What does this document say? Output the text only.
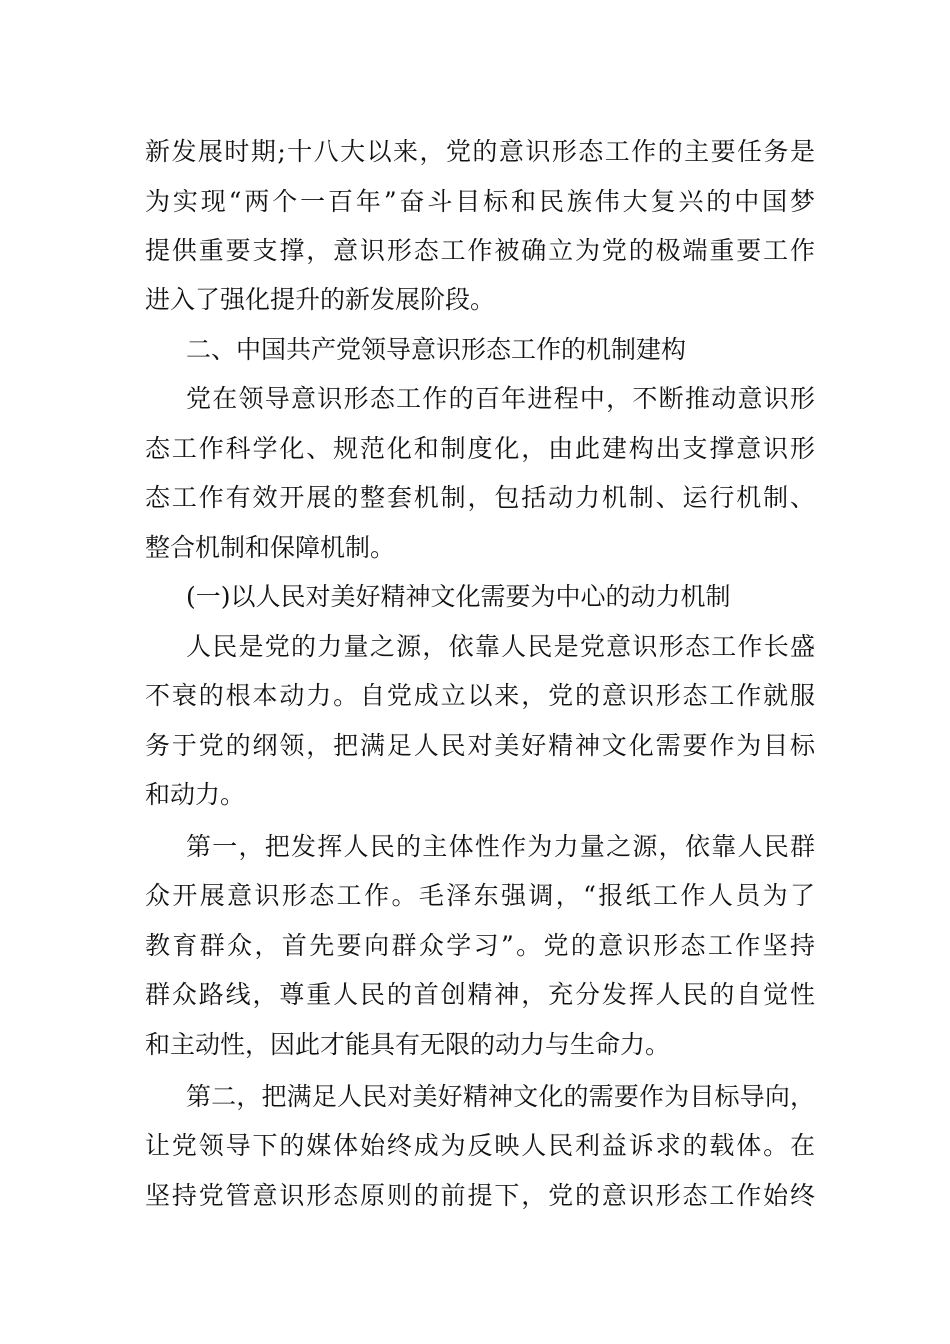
新发展时期;十八大以来，党的意识形态工作的主要任务是
为实现“两个一百年”奋斗目标和民族伟大复兴的中国梦
提供重要支撑，意识形态工作被确立为党的极端重要工作
进入了强化提升的新发展阶段。
二、中国共产党领导意识形态工作的机制建构
党在领导意识形态工作的百年进程中，不断推动意识形
态工作科学化、规范化和制度化，由此建构出支撑意识形
态工作有效开展的整套机制，包括动力机制、运行机制、
整合机制和保障机制。
(一)以人民对美好精神文化需要为中心的动力机制
人民是党的力量之源，依靠人民是党意识形态工作长盛
不衰的根本动力。自党成立以来，党的意识形态工作就服
务于党的纲领，把满足人民对美好精神文化需要作为目标
和动力。
第一，把发挥人民的主体性作为力量之源，依靠人民群
众开展意识形态工作。毛泽东强调，“报纸工作人员为了
教育群众，首先要向群众学习”。党的意识形态工作坚持
群众路线，尊重人民的首创精神，充分发挥人民的自觉性
和主动性，因此才能具有无限的动力与生命力。
第二，把满足人民对美好精神文化的需要作为目标导向，
让党领导下的媒体始终成为反映人民利益诉求的载体。在
坚持党管意识形态原则的前提下，党的意识形态工作始终
